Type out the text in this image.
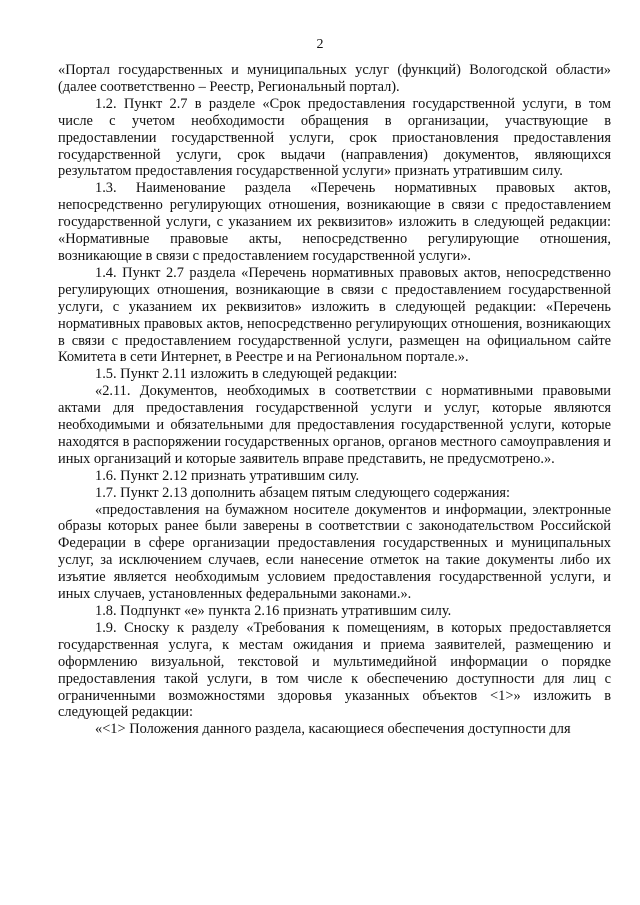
2

«Портал государственных и муниципальных услуг (функций) Вологодской области» (далее соответственно – Реестр, Региональный портал).

1.2. Пункт 2.7 в разделе «Срок предоставления государственной услуги, в том числе с учетом необходимости обращения в организации, участвующие в предоставлении государственной услуги, срок приостановления предоставления государственной услуги, срок выдачи (направления) документов, являющихся результатом предоставления государственной услуги» признать утратившим силу.

1.3. Наименование раздела «Перечень нормативных правовых актов, непосредственно регулирующих отношения, возникающие в связи с предоставлением государственной услуги, с указанием их реквизитов» изложить в следующей редакции: «Нормативные правовые акты, непосредственно регулирующие отношения, возникающие в связи с предоставлением государственной услуги».

1.4. Пункт 2.7 раздела «Перечень нормативных правовых актов, непосредственно регулирующих отношения, возникающие в связи с предоставлением государственной услуги, с указанием их реквизитов» изложить в следующей редакции: «Перечень нормативных правовых актов, непосредственно регулирующих отношения, возникающих в связи с предоставлением государственной услуги, размещен на официальном сайте Комитета в сети Интернет, в Реестре и на Региональном портале.».

1.5. Пункт 2.11 изложить в следующей редакции:

«2.11. Документов, необходимых в соответствии с нормативными правовыми актами для предоставления государственной услуги и услуг, которые являются необходимыми и обязательными для предоставления государственной услуги, которые находятся в распоряжении государственных органов, органов местного самоуправления и иных организаций и которые заявитель вправе представить, не предусмотрено.».

1.6. Пункт 2.12 признать утратившим силу.

1.7. Пункт 2.13 дополнить абзацем пятым следующего содержания:

«предоставления на бумажном носителе документов и информации, электронные образы которых ранее были заверены в соответствии с законодательством Российской Федерации в сфере организации предоставления государственных и муниципальных услуг, за исключением случаев, если нанесение отметок на такие документы либо их изъятие является необходимым условием предоставления государственной услуги, и иных случаев, установленных федеральными законами.».

1.8. Подпункт «е» пункта 2.16 признать утратившим силу.

1.9. Сноску к разделу «Требования к помещениям, в которых предоставляется государственная услуга, к местам ожидания и приема заявителей, размещению и оформлению визуальной, текстовой и мультимедийной информации о порядке предоставления такой услуги, в том числе к обеспечению доступности для лиц с ограниченными возможностями здоровья указанных объектов <1>» изложить в следующей редакции:

«<1> Положения данного раздела, касающиеся обеспечения доступности для
